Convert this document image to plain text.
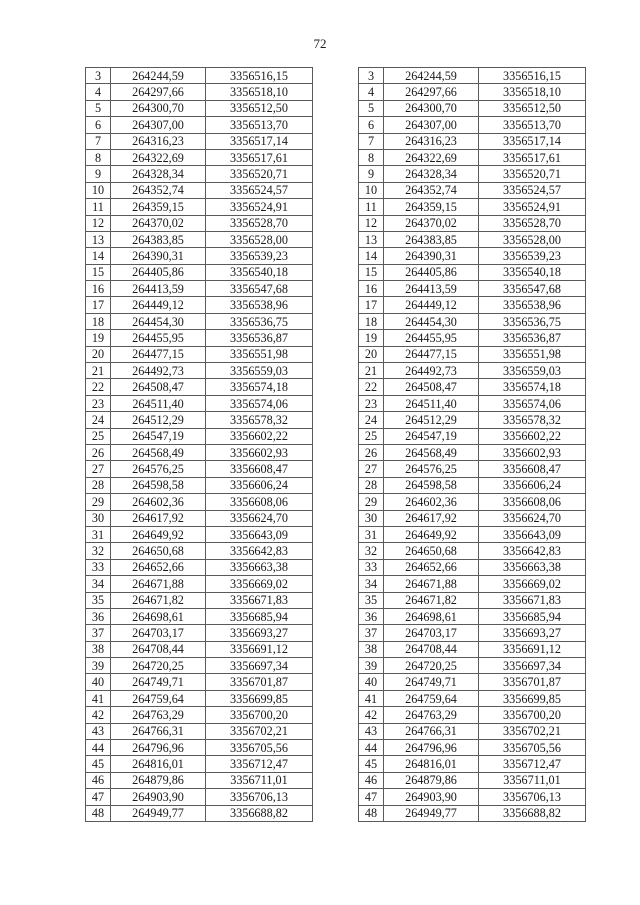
72
3	264244,59	3356516,15
4	264297,66	3356518,10
5	264300,70	3356512,50
6	264307,00	3356513,70
7	264316,23	3356517,14
8	264322,69	3356517,61
9	264328,34	3356520,71
10	264352,74	3356524,57
11	264359,15	3356524,91
12	264370,02	3356528,70
13	264383,85	3356528,00
14	264390,31	3356539,23
15	264405,86	3356540,18
16	264413,59	3356547,68
17	264449,12	3356538,96
18	264454,30	3356536,75
19	264455,95	3356536,87
20	264477,15	3356551,98
21	264492,73	3356559,03
22	264508,47	3356574,18
23	264511,40	3356574,06
24	264512,29	3356578,32
25	264547,19	3356602,22
26	264568,49	3356602,93
27	264576,25	3356608,47
28	264598,58	3356606,24
29	264602,36	3356608,06
30	264617,92	3356624,70
31	264649,92	3356643,09
32	264650,68	3356642,83
33	264652,66	3356663,38
34	264671,88	3356669,02
35	264671,82	3356671,83
36	264698,61	3356685,94
37	264703,17	3356693,27
38	264708,44	3356691,12
39	264720,25	3356697,34
40	264749,71	3356701,87
41	264759,64	3356699,85
42	264763,29	3356700,20
43	264766,31	3356702,21
44	264796,96	3356705,56
45	264816,01	3356712,47
46	264879,86	3356711,01
47	264903,90	3356706,13
48	264949,77	3356688,82
3	264244,59	3356516,15
4	264297,66	3356518,10
5	264300,70	3356512,50
6	264307,00	3356513,70
7	264316,23	3356517,14
8	264322,69	3356517,61
9	264328,34	3356520,71
10	264352,74	3356524,57
11	264359,15	3356524,91
12	264370,02	3356528,70
13	264383,85	3356528,00
14	264390,31	3356539,23
15	264405,86	3356540,18
16	264413,59	3356547,68
17	264449,12	3356538,96
18	264454,30	3356536,75
19	264455,95	3356536,87
20	264477,15	3356551,98
21	264492,73	3356559,03
22	264508,47	3356574,18
23	264511,40	3356574,06
24	264512,29	3356578,32
25	264547,19	3356602,22
26	264568,49	3356602,93
27	264576,25	3356608,47
28	264598,58	3356606,24
29	264602,36	3356608,06
30	264617,92	3356624,70
31	264649,92	3356643,09
32	264650,68	3356642,83
33	264652,66	3356663,38
34	264671,88	3356669,02
35	264671,82	3356671,83
36	264698,61	3356685,94
37	264703,17	3356693,27
38	264708,44	3356691,12
39	264720,25	3356697,34
40	264749,71	3356701,87
41	264759,64	3356699,85
42	264763,29	3356700,20
43	264766,31	3356702,21
44	264796,96	3356705,56
45	264816,01	3356712,47
46	264879,86	3356711,01
47	264903,90	3356706,13
48	264949,77	3356688,82
